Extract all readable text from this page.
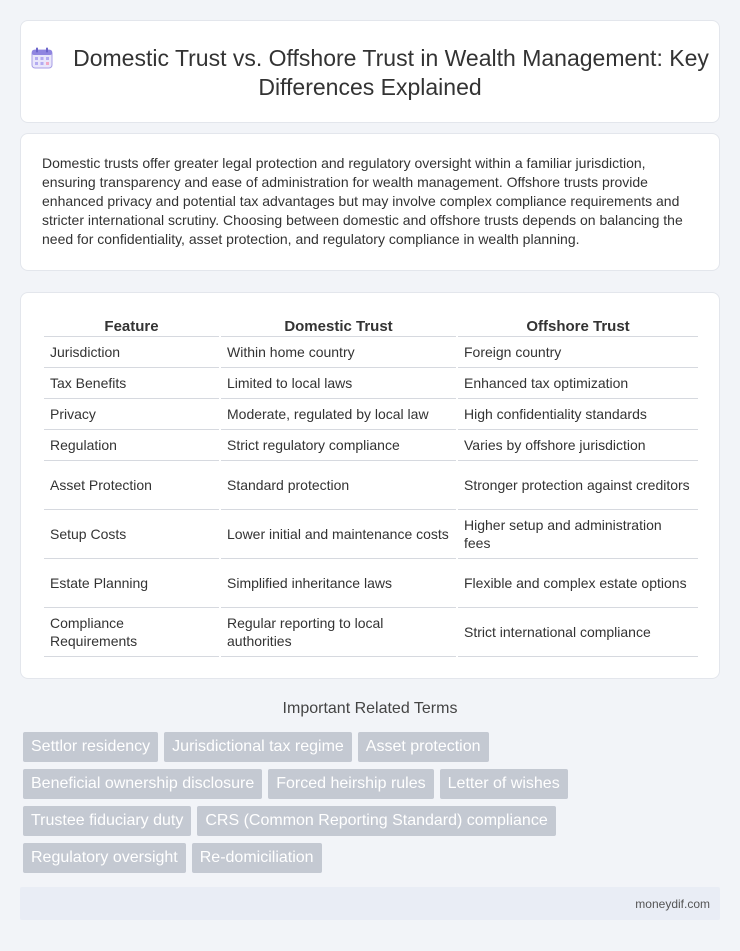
Domestic Trust vs. Offshore Trust in Wealth Management: Key Differences Explained

Domestic trusts offer greater legal protection and regulatory oversight within a familiar jurisdiction, ensuring transparency and ease of administration for wealth management. Offshore trusts provide enhanced privacy and potential tax advantages but may involve complex compliance requirements and stricter international scrutiny. Choosing between domestic and offshore trusts depends on balancing the need for confidentiality, asset protection, and regulatory compliance in wealth planning.

Feature	Domestic Trust	Offshore Trust
Jurisdiction	Within home country	Foreign country
Tax Benefits	Limited to local laws	Enhanced tax optimization
Privacy	Moderate, regulated by local law	High confidentiality standards
Regulation	Strict regulatory compliance	Varies by offshore jurisdiction
Asset Protection	Standard protection	Stronger protection against creditors
Setup Costs	Lower initial and maintenance costs	Higher setup and administration fees
Estate Planning	Simplified inheritance laws	Flexible and complex estate options
Compliance Requirements	Regular reporting to local authorities	Strict international compliance
Important Related Terms
Settlor residency	Jurisdictional tax regime	Asset protection
Beneficial ownership disclosure	Forced heirship rules	Letter of wishes
Trustee fiduciary duty	CRS (Common Reporting Standard) compliance
Regulatory oversight	Re-domiciliation
moneydif.com
